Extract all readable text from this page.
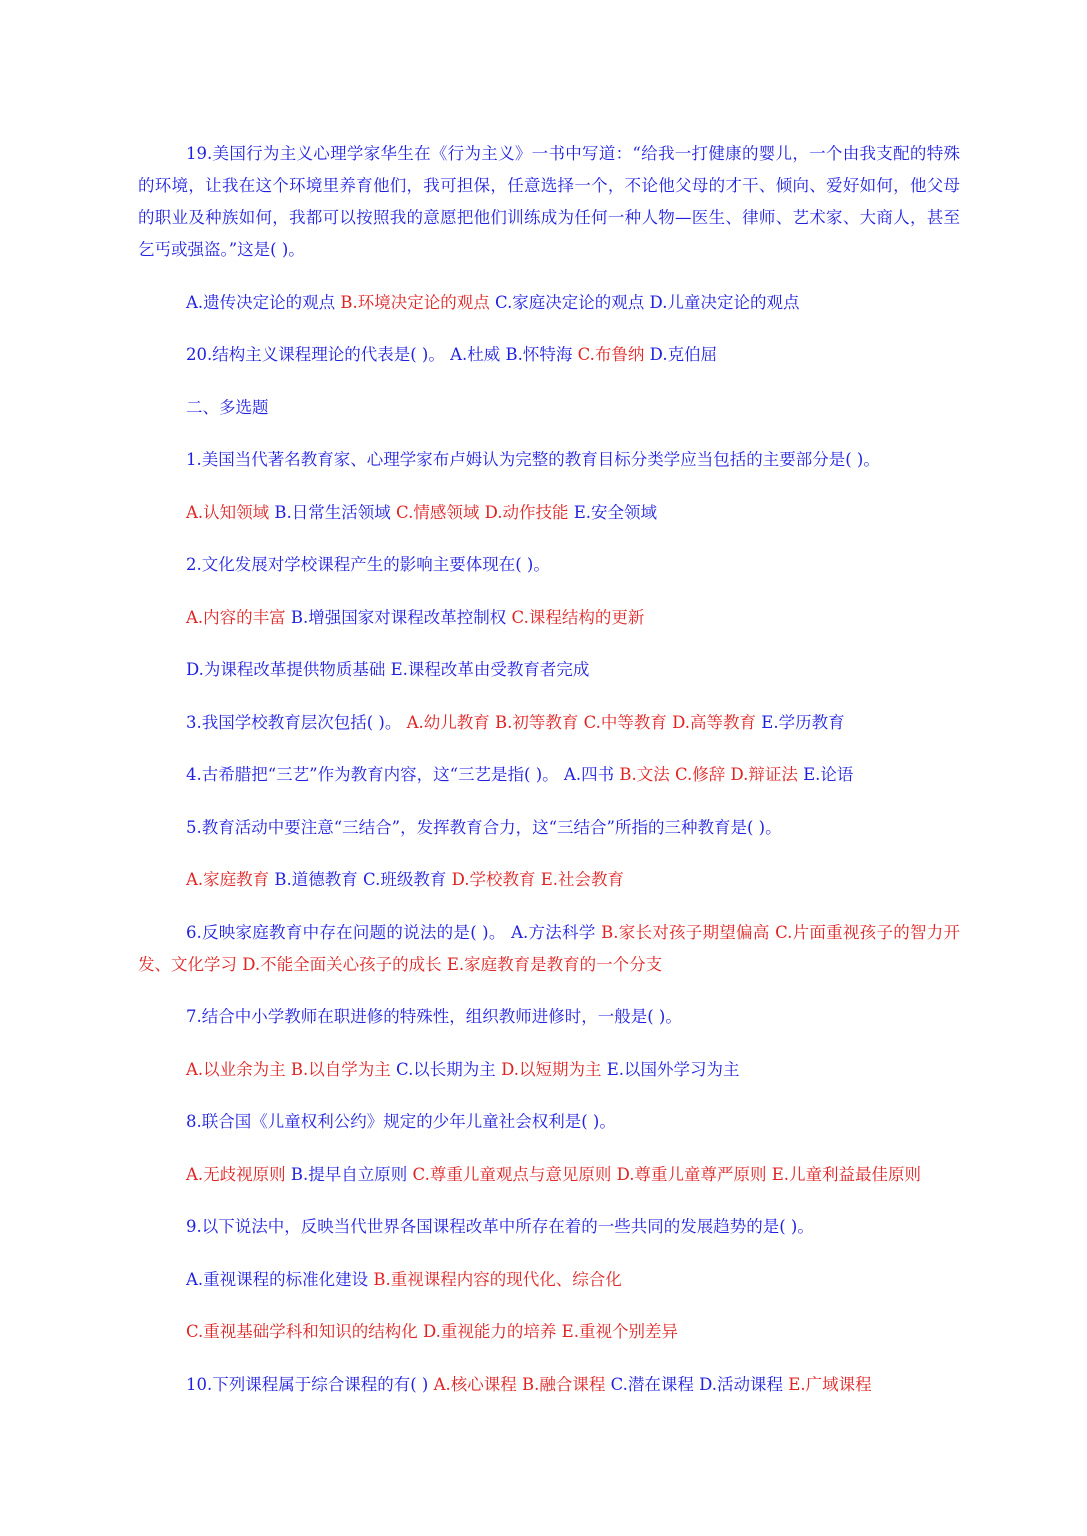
19.美国行为主义心理学家华生在《行为主义》一书中写道：“给我一打健康的婴儿，一个由我支配的特殊的环境，让我在这个环境里养育他们，我可担保，任意选择一个，不论他父母的才干、倾向、爱好如何，他父母的职业及种族如何，我都可以按照我的意愿把他们训练成为任何一种人物—医生、律师、艺术家、大商人，甚至乞丐或强盗。”这是( )。

A.遗传决定论的观点 B.环境决定论的观点 C.家庭决定论的观点 D.儿童决定论的观点

20.结构主义课程理论的代表是( )。 A.杜威 B.怀特海 C.布鲁纳 D.克伯屈

二、多选题

1.美国当代著名教育家、心理学家布卢姆认为完整的教育目标分类学应当包括的主要部分是( )。

A.认知领域 B.日常生活领域 C.情感领域 D.动作技能 E.安全领域

2.文化发展对学校课程产生的影响主要体现在( )。

A.内容的丰富 B.增强国家对课程改革控制权 C.课程结构的更新

D.为课程改革提供物质基础 E.课程改革由受教育者完成

3.我国学校教育层次包括( )。 A.幼儿教育 B.初等教育 C.中等教育 D.高等教育 E.学历教育

4.古希腊把“三艺”作为教育内容，这“三艺是指( )。 A.四书 B.文法 C.修辞 D.辩证法 E.论语

5.教育活动中要注意“三结合”，发挥教育合力，这“三结合”所指的三种教育是( )。

A.家庭教育 B.道德教育 C.班级教育 D.学校教育 E.社会教育

6.反映家庭教育中存在问题的说法的是( )。 A.方法科学 B.家长对孩子期望偏高 C.片面重视孩子的智力开发、文化学习 D.不能全面关心孩子的成长 E.家庭教育是教育的一个分支

7.结合中小学教师在职进修的特殊性，组织教师进修时，一般是( )。

A.以业余为主 B.以自学为主 C.以长期为主 D.以短期为主 E.以国外学习为主

8.联合国《儿童权利公约》规定的少年儿童社会权利是( )。

A.无歧视原则 B.提早自立原则 C.尊重儿童观点与意见原则 D.尊重儿童尊严原则 E.儿童利益最佳原则

9.以下说法中，反映当代世界各国课程改革中所存在着的一些共同的发展趋势的是( )。

A.重视课程的标准化建设 B.重视课程内容的现代化、综合化

C.重视基础学科和知识的结构化 D.重视能力的培养 E.重视个别差异

10.下列课程属于综合课程的有( ) A.核心课程 B.融合课程 C.潜在课程 D.活动课程 E.广域课程
